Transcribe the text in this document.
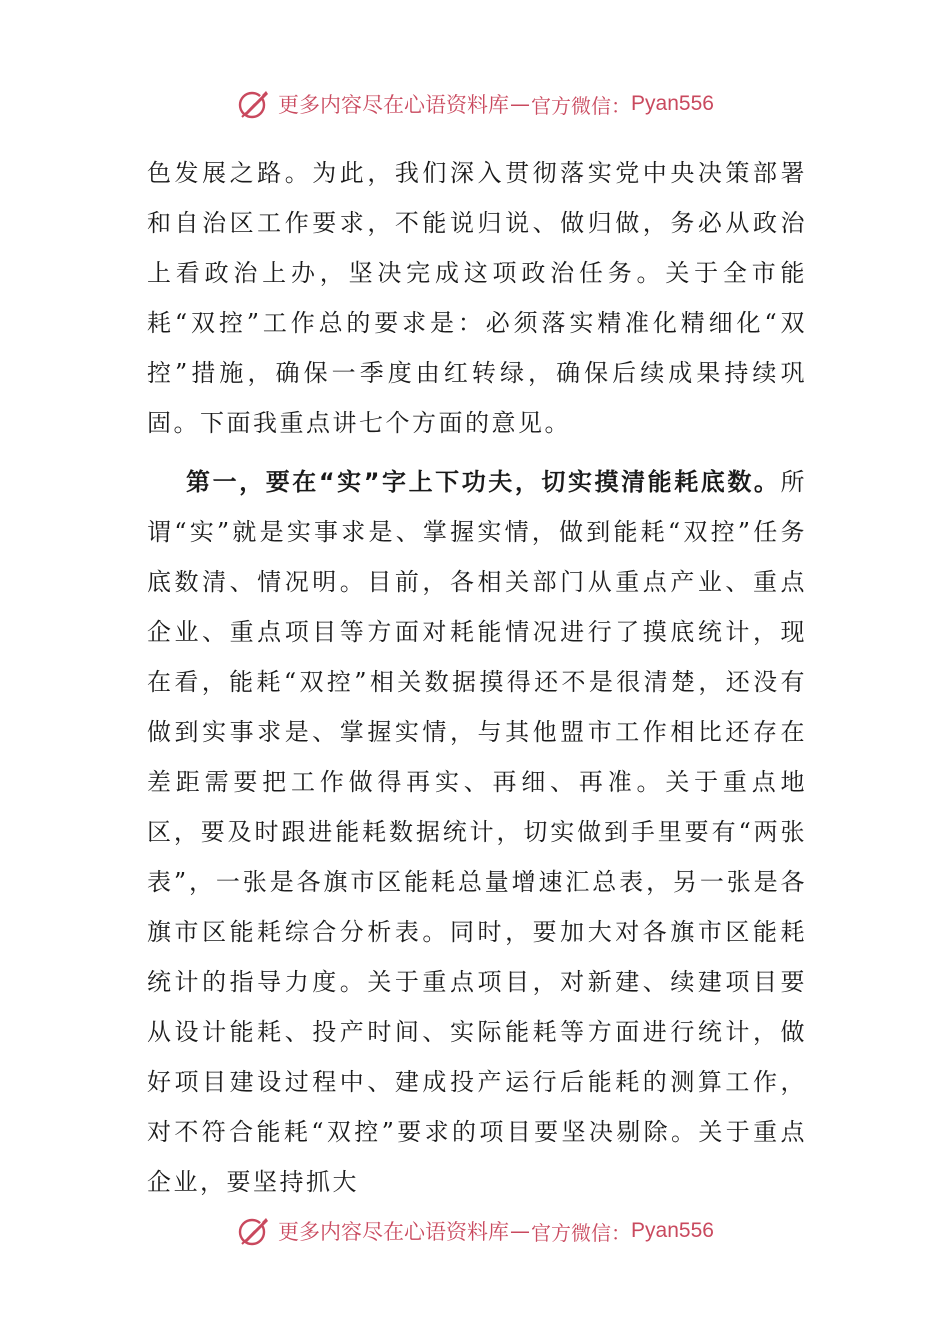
更多内容尽在心语资料库 — 官方微信： Pyan556

色发展之路。为此，我们深入贯彻落实党中央决策部署和自治区工作要求，不能说归说、做归做，务必从政治上看政治上办，坚决完成这项政治任务。关于全市能耗“双控”工作总的要求是：必须落实精准化精细化“双控”措施，确保一季度由红转绿，确保后续成果持续巩固。下面我重点讲七个方面的意见。

第一，要在“实”字上下功夫，切实摸清能耗底数。所谓“实”就是实事求是、掌握实情，做到能耗“双控”任务底数清、情况明。目前，各相关部门从重点产业、重点企业、重点项目等方面对耗能情况进行了摸底统计，现在看，能耗“双控”相关数据摸得还不是很清楚，还没有做到实事求是、掌握实情，与其他盟市工作相比还存在差距需要把工作做得再实、再细、再准。关于重点地区，要及时跟进能耗数据统计，切实做到手里要有“两张表”，一张是各旗市区能耗总量增速汇总表，另一张是各旗市区能耗综合分析表。同时，要加大对各旗市区能耗统计的指导力度。关于重点项目，对新建、续建项目要从设计能耗、投产时间、实际能耗等方面进行统计，做好项目建设过程中、建成投产运行后能耗的测算工作，对不符合能耗“双控”要求的项目要坚决剔除。关于重点企业，要坚持抓大

更多内容尽在心语资料库 — 官方微信： Pyan556
